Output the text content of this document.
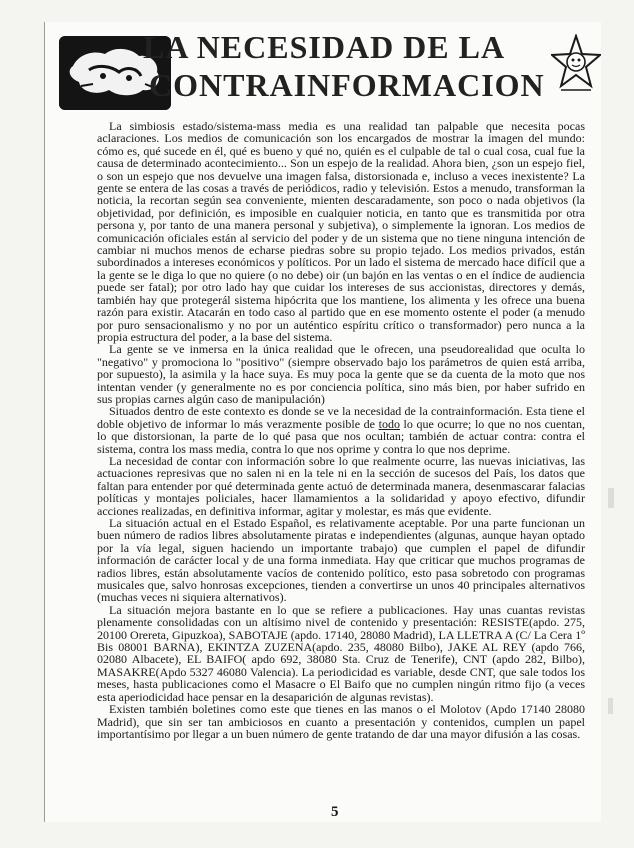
LA NECESIDAD DE LA
CONTRAINFORMACION

La simbiosis estado/sistema-mass media es una realidad tan palpable que necesita pocas aclaraciones. Los medios de comunicación son los encargados de mostrar la imagen del mundo: cómo es, qué sucede en él, qué es bueno y qué no, quién es el culpable de tal o cual cosa, cual fue la causa de determinado acontecimiento... Son un espejo de la realidad. Ahora bien, ¿son un espejo fiel, o son un espejo que nos devuelve una imagen falsa, distorsionada e, incluso a veces inexistente? La gente se entera de las cosas a través de periódicos, radio y televisión. Estos a menudo, transforman la noticia, la recortan según sea conveniente, mienten descaradamente, son poco o nada objetivos (la objetividad, por definición, es imposible en cualquier noticia, en tanto que es transmitida por otra persona y, por tanto de una manera personal y subjetiva), o simplemente la ignoran. Los medios de comunicación oficiales están al servicio del poder y de un sistema que no tiene ninguna intención de cambiar ni muchos menos de echarse piedras sobre su propio tejado. Los medios privados, están subordinados a intereses económicos y políticos. Por un lado el sistema de mercado hace difícil que a la gente se le diga lo que no quiere (o no debe) oir (un bajón en las ventas o en el índice de audiencia puede ser fatal); por otro lado hay que cuidar los intereses de sus accionistas, directores y demás, también hay que protegerál sistema hipócrita que los mantiene, los alimenta y les ofrece una buena razón para existir. Atacarán en todo caso al partido que en ese momento ostente el poder (a menudo por puro sensacionalismo y no por un auténtico espíritu crítico o transformador) pero nunca a la propia estructura del poder, a la base del sistema.

La gente se ve inmersa en la única realidad que le ofrecen, una pseudorealidad que oculta lo "negativo" y promociona lo "positivo" (siempre observado bajo los parámetros de quien está arriba, por supuesto), la asimila y la hace suya. Es muy poca la gente que se da cuenta de la moto que nos intentan vender (y generalmente no es por conciencia política, sino más bien, por haber sufrido en sus propias carnes algún caso de manipulación)

Situados dentro de este contexto es donde se ve la necesidad de la contrainformación. Esta tiene el doble objetivo de informar lo más verazmente posible de todo lo que ocurre; lo que no nos cuentan, lo que distorsionan, la parte de lo qué pasa que nos ocultan; también de actuar contra: contra el sistema, contra los mass media, contra lo que nos oprime y contra lo que nos deprime.

La necesidad de contar con información sobre lo que realmente ocurre, las nuevas iniciativas, las actuaciones represivas que no salen ni en la tele ni en la sección de sucesos del País, los datos que faltan para entender por qué determinada gente actuó de determinada manera, desenmascarar falacias políticas y montajes policiales, hacer llamamientos a la solidaridad y apoyo efectivo, difundir acciones realizadas, en definitiva informar, agitar y molestar, es más que evidente.

La situación actual en el Estado Español, es relativamente aceptable. Por una parte funcionan un buen número de radios libres absolutamente piratas e independientes (algunas, aunque hayan optado por la vía legal, siguen haciendo un importante trabajo) que cumplen el papel de difundir información de carácter local y de una forma inmediata. Hay que criticar que muchos programas de radios libres, están absolutamente vacíos de contenido político, esto pasa sobretodo con programas musicales que, salvo honrosas excepciones, tienden a convertirse un unos 40 principales alternativos (muchas veces ni siquiera alternativos).

La situación mejora bastante en lo que se refiere a publicaciones. Hay unas cuantas revistas plenamente consolidadas con un altísimo nivel de contenido y presentación: RESISTE(apdo. 275, 20100 Orereta, Gipuzkoa), SABOTAJE (apdo. 17140, 28080 Madrid), LA LLETRA A (C/ La Cera 1º Bis 08001 BARNA), EKINTZA ZUZENA(apdo. 235, 48080 Bilbo), JAKE AL REY (apdo 766, 02080 Albacete), EL BAIFO( apdo 692, 38080 Sta. Cruz de Tenerife), CNT (apdo 282, Bilbo), MASAKRE(Apdo 5327 46080 Valencia). La periodicidad es variable, desde CNT, que sale todos los meses, hasta publicaciones como el Masacre o El Baifo que no cumplen ningún ritmo fijo (a veces esta aperiodicidad hace pensar en la desaparición de algunas revistas).

Existen también boletines como este que tienes en las manos o el Molotov (Apdo 17140 28080 Madrid), que sin ser tan ambiciosos en cuanto a presentación y contenidos, cumplen un papel importantísimo por llegar a un buen número de gente tratando de dar una mayor difusión a las cosas.

5
